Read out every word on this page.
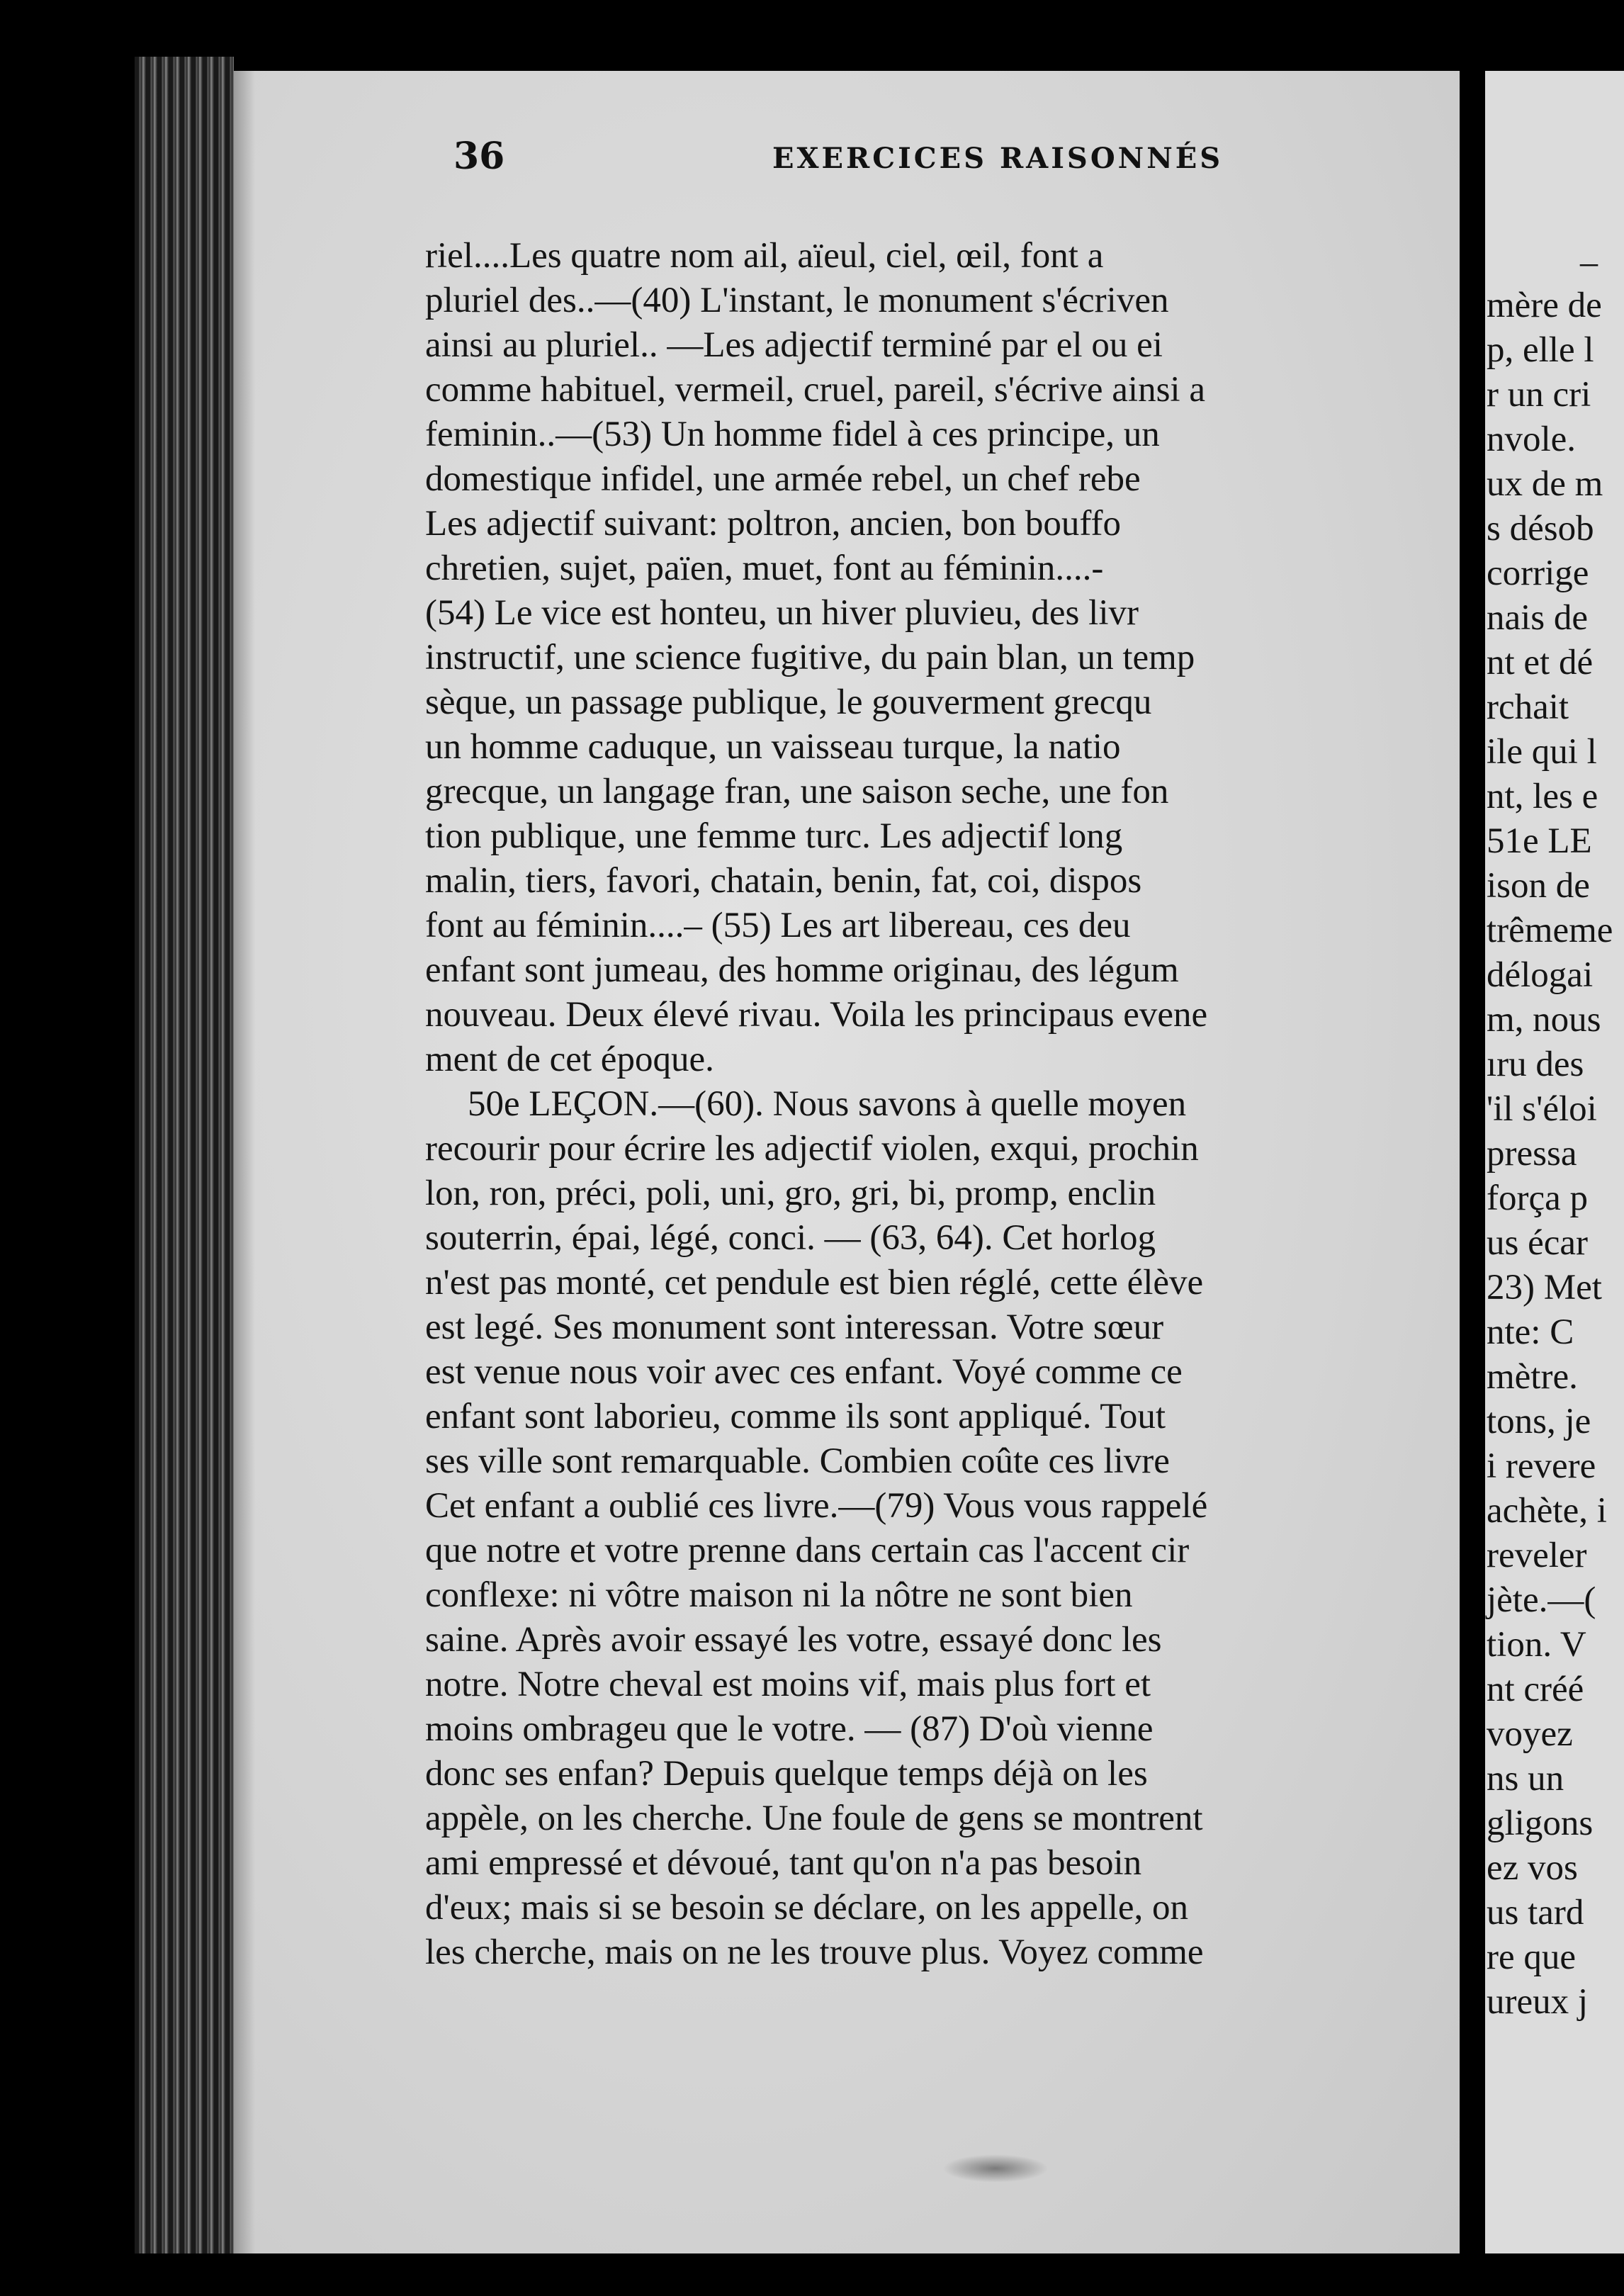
36	EXERCICES RAISONNÉS
riel....Les quatre nom ail, aïeul, ciel, œil, font a
pluriel des..—(40) L'instant, le monument s'écriven
ainsi au pluriel.. —Les adjectif terminé par el ou ei
comme habituel, vermeil, cruel, pareil, s'écrive ainsi a
feminin..—(53) Un homme fidel à ces principe, un
domestique infidel, une armée rebel, un chef rebe
Les adjectif suivant: poltron, ancien, bon bouffo
chretien, sujet, païen, muet, font au féminin....-
(54) Le vice est honteu, un hiver pluvieu, des livr
instructif, une science fugitive, du pain blan, un temp
sèque, un passage publique, le gouverment grecqu
un homme caduque, un vaisseau turque, la natio
grecque, un langage fran, une saison seche, une fon
tion publique, une femme turc. Les adjectif long
malin, tiers, favori, chatain, benin, fat, coi, dispos
font au féminin....– (55) Les art libereau, ces deu
enfant sont jumeau, des homme originau, des légum
nouveau. Deux élevé rivau. Voila les principaus evene
ment de cet époque.
50e LEÇON.—(60). Nous savons à quelle moyen
recourir pour écrire les adjectif violen, exqui, prochin
lon, ron, préci, poli, uni, gro, gri, bi, promp, enclin
souterrin, épai, légé, conci. — (63, 64). Cet horlog
n'est pas monté, cet pendule est bien réglé, cette élève
est legé. Ses monument sont interessan. Votre sœur
est venue nous voir avec ces enfant. Voyé comme ce
enfant sont laborieu, comme ils sont appliqué. Tout
ses ville sont remarquable. Combien coûte ces livre
Cet enfant a oublié ces livre.—(79) Vous vous rappelé
que notre et votre prenne dans certain cas l'accent cir
conflexe: ni vôtre maison ni la nôtre ne sont bien
saine. Après avoir essayé les votre, essayé donc les
notre. Notre cheval est moins vif, mais plus fort et
moins ombrageu que le votre. — (87) D'où vienne
donc ses enfan? Depuis quelque temps déjà on les
appèle, on les cherche. Une foule de gens se montrent
ami empressé et dévoué, tant qu'on n'a pas besoin
d'eux; mais si se besoin se déclare, on les appelle, on
les cherche, mais on ne les trouve plus. Voyez comme
‒
mère de
p, elle l
r un cri
nvole.
ux de m
s désob
corrige
nais de
nt et dé
rchait
ile qui l
nt, les e
51e LE
ison de
trêmeme
délogai
m, nous
ıru des
'il s'éloi
pressa
força p
us écar
23) Met
nte: C
mètre.
tons, je
i revere
achète, i
reveler
jète.—(
tion. V
nt créé
voyez
ns un
gligons
ez vos
us tard
re que
ureux j
